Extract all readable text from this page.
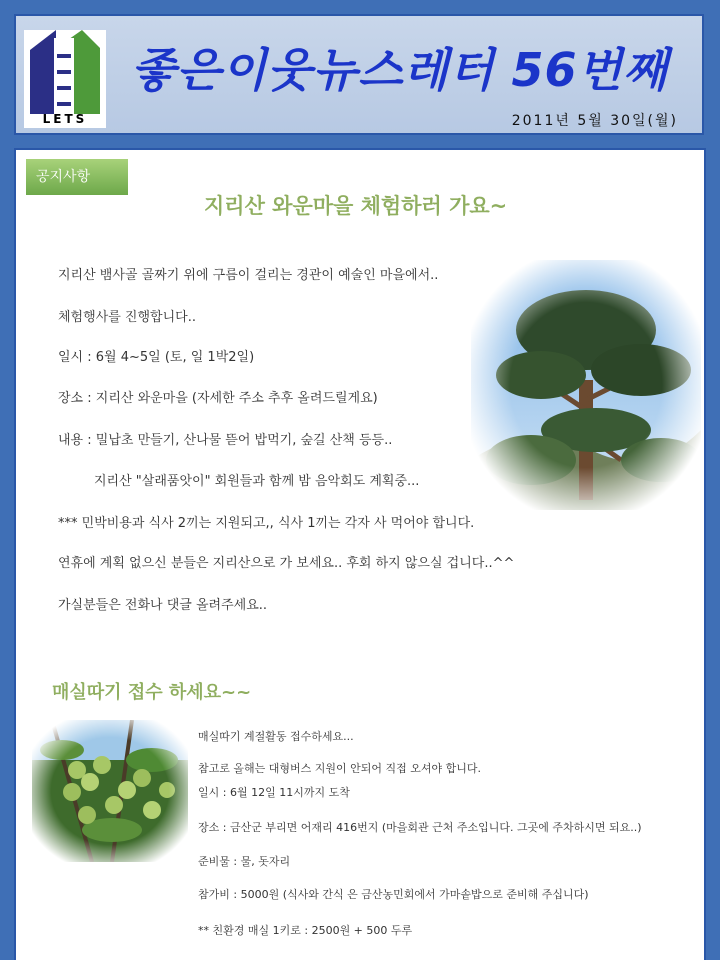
LETS
좋은이웃뉴스레터 56번째
2011년 5월 30일(월)
공지사항
지리산 와운마을 체험하러 가요~
지리산 뱀사골 골짜기 위에 구름이 걸리는 경관이 예술인 마을에서..
체험행사를 진행합니다..
일시 : 6월 4~5일 (토, 일 1박2일)
장소 : 지리산 와운마을 (자세한 주소 추후 올려드릴게요)
내용 : 밀납초 만들기, 산나물 뜯어 밥먹기, 숲길 산책 등등..
지리산 "살래품앗이" 회원들과 함께 밤 음악회도 계획중...
*** 민박비용과 식사 2끼는 지원되고,, 식사 1끼는 각자 사 먹어야 합니다.
연휴에 계획 없으신 분들은 지리산으로 가 보세요.. 후회 하지 않으실 겁니다..^^
가실분들은 전화나 댓글 올려주세요..
매실따기 접수 하세요~~
매실따기 계절활동 접수하세요...
참고로 올해는 대형버스 지원이 안되어 직접 오셔야 합니다.
일시 : 6월 12일 11시까지 도착
장소 : 금산군 부리면 어재리 416번지 (마을회관 근처 주소입니다. 그곳에 주차하시면 되요..)
준비물 : 물, 돗자리
참가비 : 5000원 (식사와 간식 은 금산농민회에서 가마솥밥으로 준비해 주십니다)
** 친환경 매실 1키로 : 2500원 + 500 두루
